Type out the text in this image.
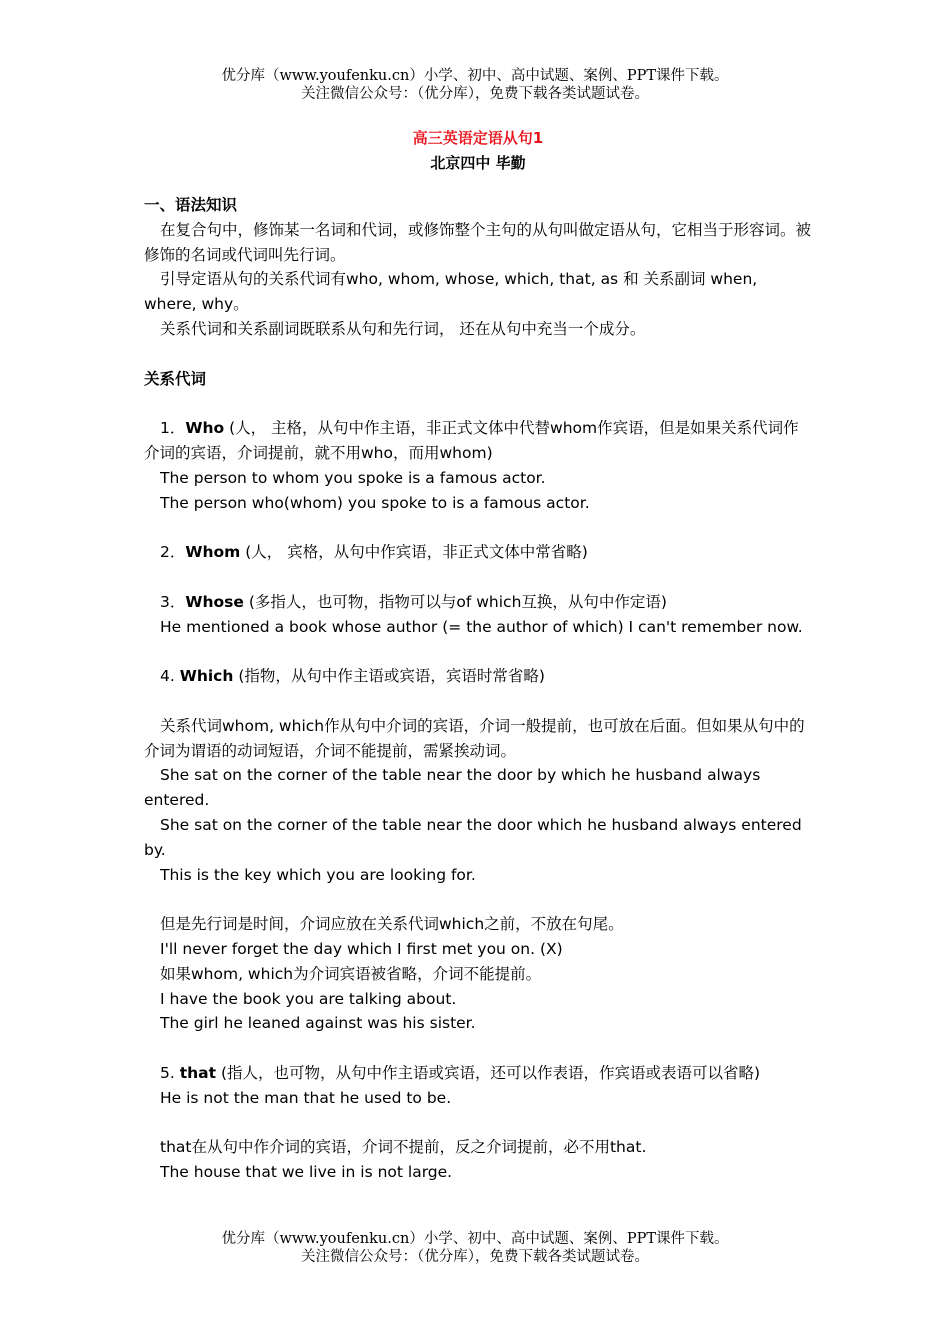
优分库（www.youfenku.cn）小学、初中、高中试题、案例、PPT课件下载。
关注微信公众号：（优分库），免费下载各类试题试卷。
高三英语定语从句1
北京四中 毕勤
一、语法知识
在复合句中，修饰某一名词和代词，或修饰整个主句的从句叫做定语从句，它相当于形容词。被修饰的名词或代词叫先行词。
引导定语从句的关系代词有who, whom, whose, which, that, as 和 关系副词 when, where, why。
关系代词和关系副词既联系从句和先行词， 还在从句中充当一个成分。
关系代词
1．Who (人， 主格，从句中作主语，非正式文体中代替whom作宾语，但是如果关系代词作介词的宾语，介词提前，就不用who，而用whom)
The person to whom you spoke is a famous actor.
The person who(whom) you spoke to is a famous actor.
2．Whom (人， 宾格，从句中作宾语，非正式文体中常省略)
3．Whose (多指人，也可物，指物可以与of which互换，从句中作定语)
He mentioned a book whose author (= the author of which) I can't remember now.
4. Which (指物，从句中作主语或宾语，宾语时常省略)
关系代词whom, which作从句中介词的宾语，介词一般提前，也可放在后面。但如果从句中的介词为谓语的动词短语，介词不能提前，需紧挨动词。
She sat on the corner of the table near the door by which he husband always entered.
She sat on the corner of the table near the door which he husband always entered by.
This is the key which you are looking for.
但是先行词是时间，介词应放在关系代词which之前，不放在句尾。
I'll never forget the day which I first met you on. (X)
如果whom, which为介词宾语被省略，介词不能提前。
I have the book you are talking about.
The girl he leaned against was his sister.
5. that (指人，也可物，从句中作主语或宾语，还可以作表语，作宾语或表语可以省略)
He is not the man that he used to be.
that在从句中作介词的宾语，介词不提前，反之介词提前，必不用that.
The house that we live in is not large.
优分库（www.youfenku.cn）小学、初中、高中试题、案例、PPT课件下载。
关注微信公众号：（优分库），免费下载各类试题试卷。
